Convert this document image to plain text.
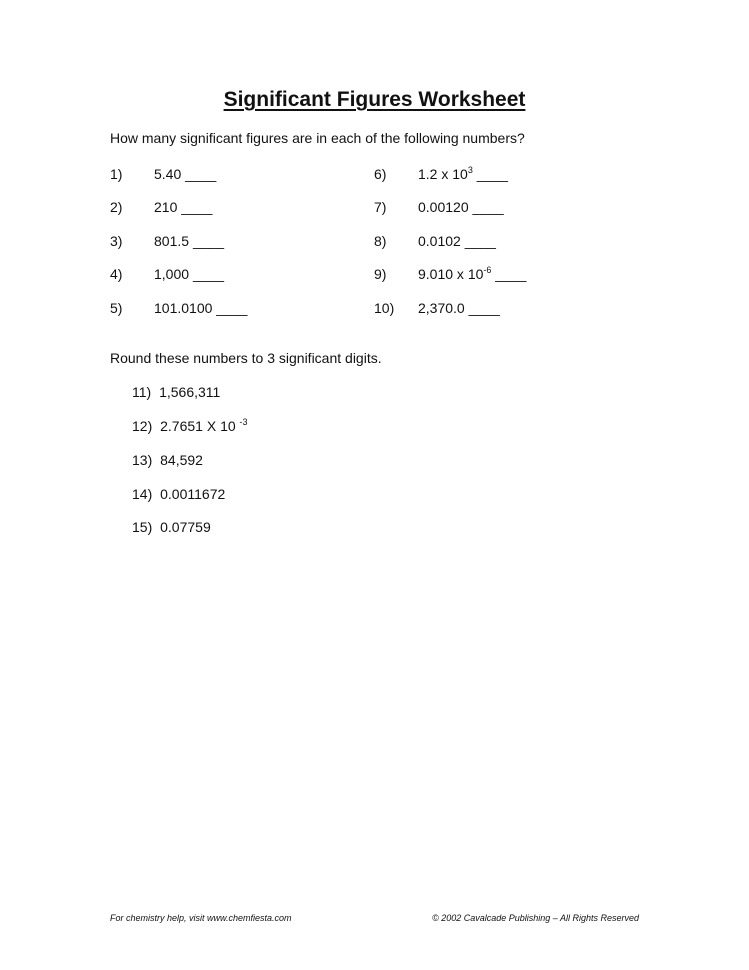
Significant Figures Worksheet

How many significant figures are in each of the following numbers?

1) 5.40 ____
2) 210 ____
3) 801.5 ____
4) 1,000 ____
5) 101.0100 ____
6) 1.2 x $10^3$ ____
7) 0.00120 ____
8) 0.0102 ____
9) 9.010 x $10^{-6}$ ____
10) 2,370.0 ____

Round these numbers to 3 significant digits.

11) 1,566,311
12) 2.7651 X 10 $^{-3}$
13) 84,592
14) 0.0011672
15) 0.07759

For chemistry help, visit www.chemfiesta.com	© 2002 Cavalcade Publishing – All Rights Reserved
